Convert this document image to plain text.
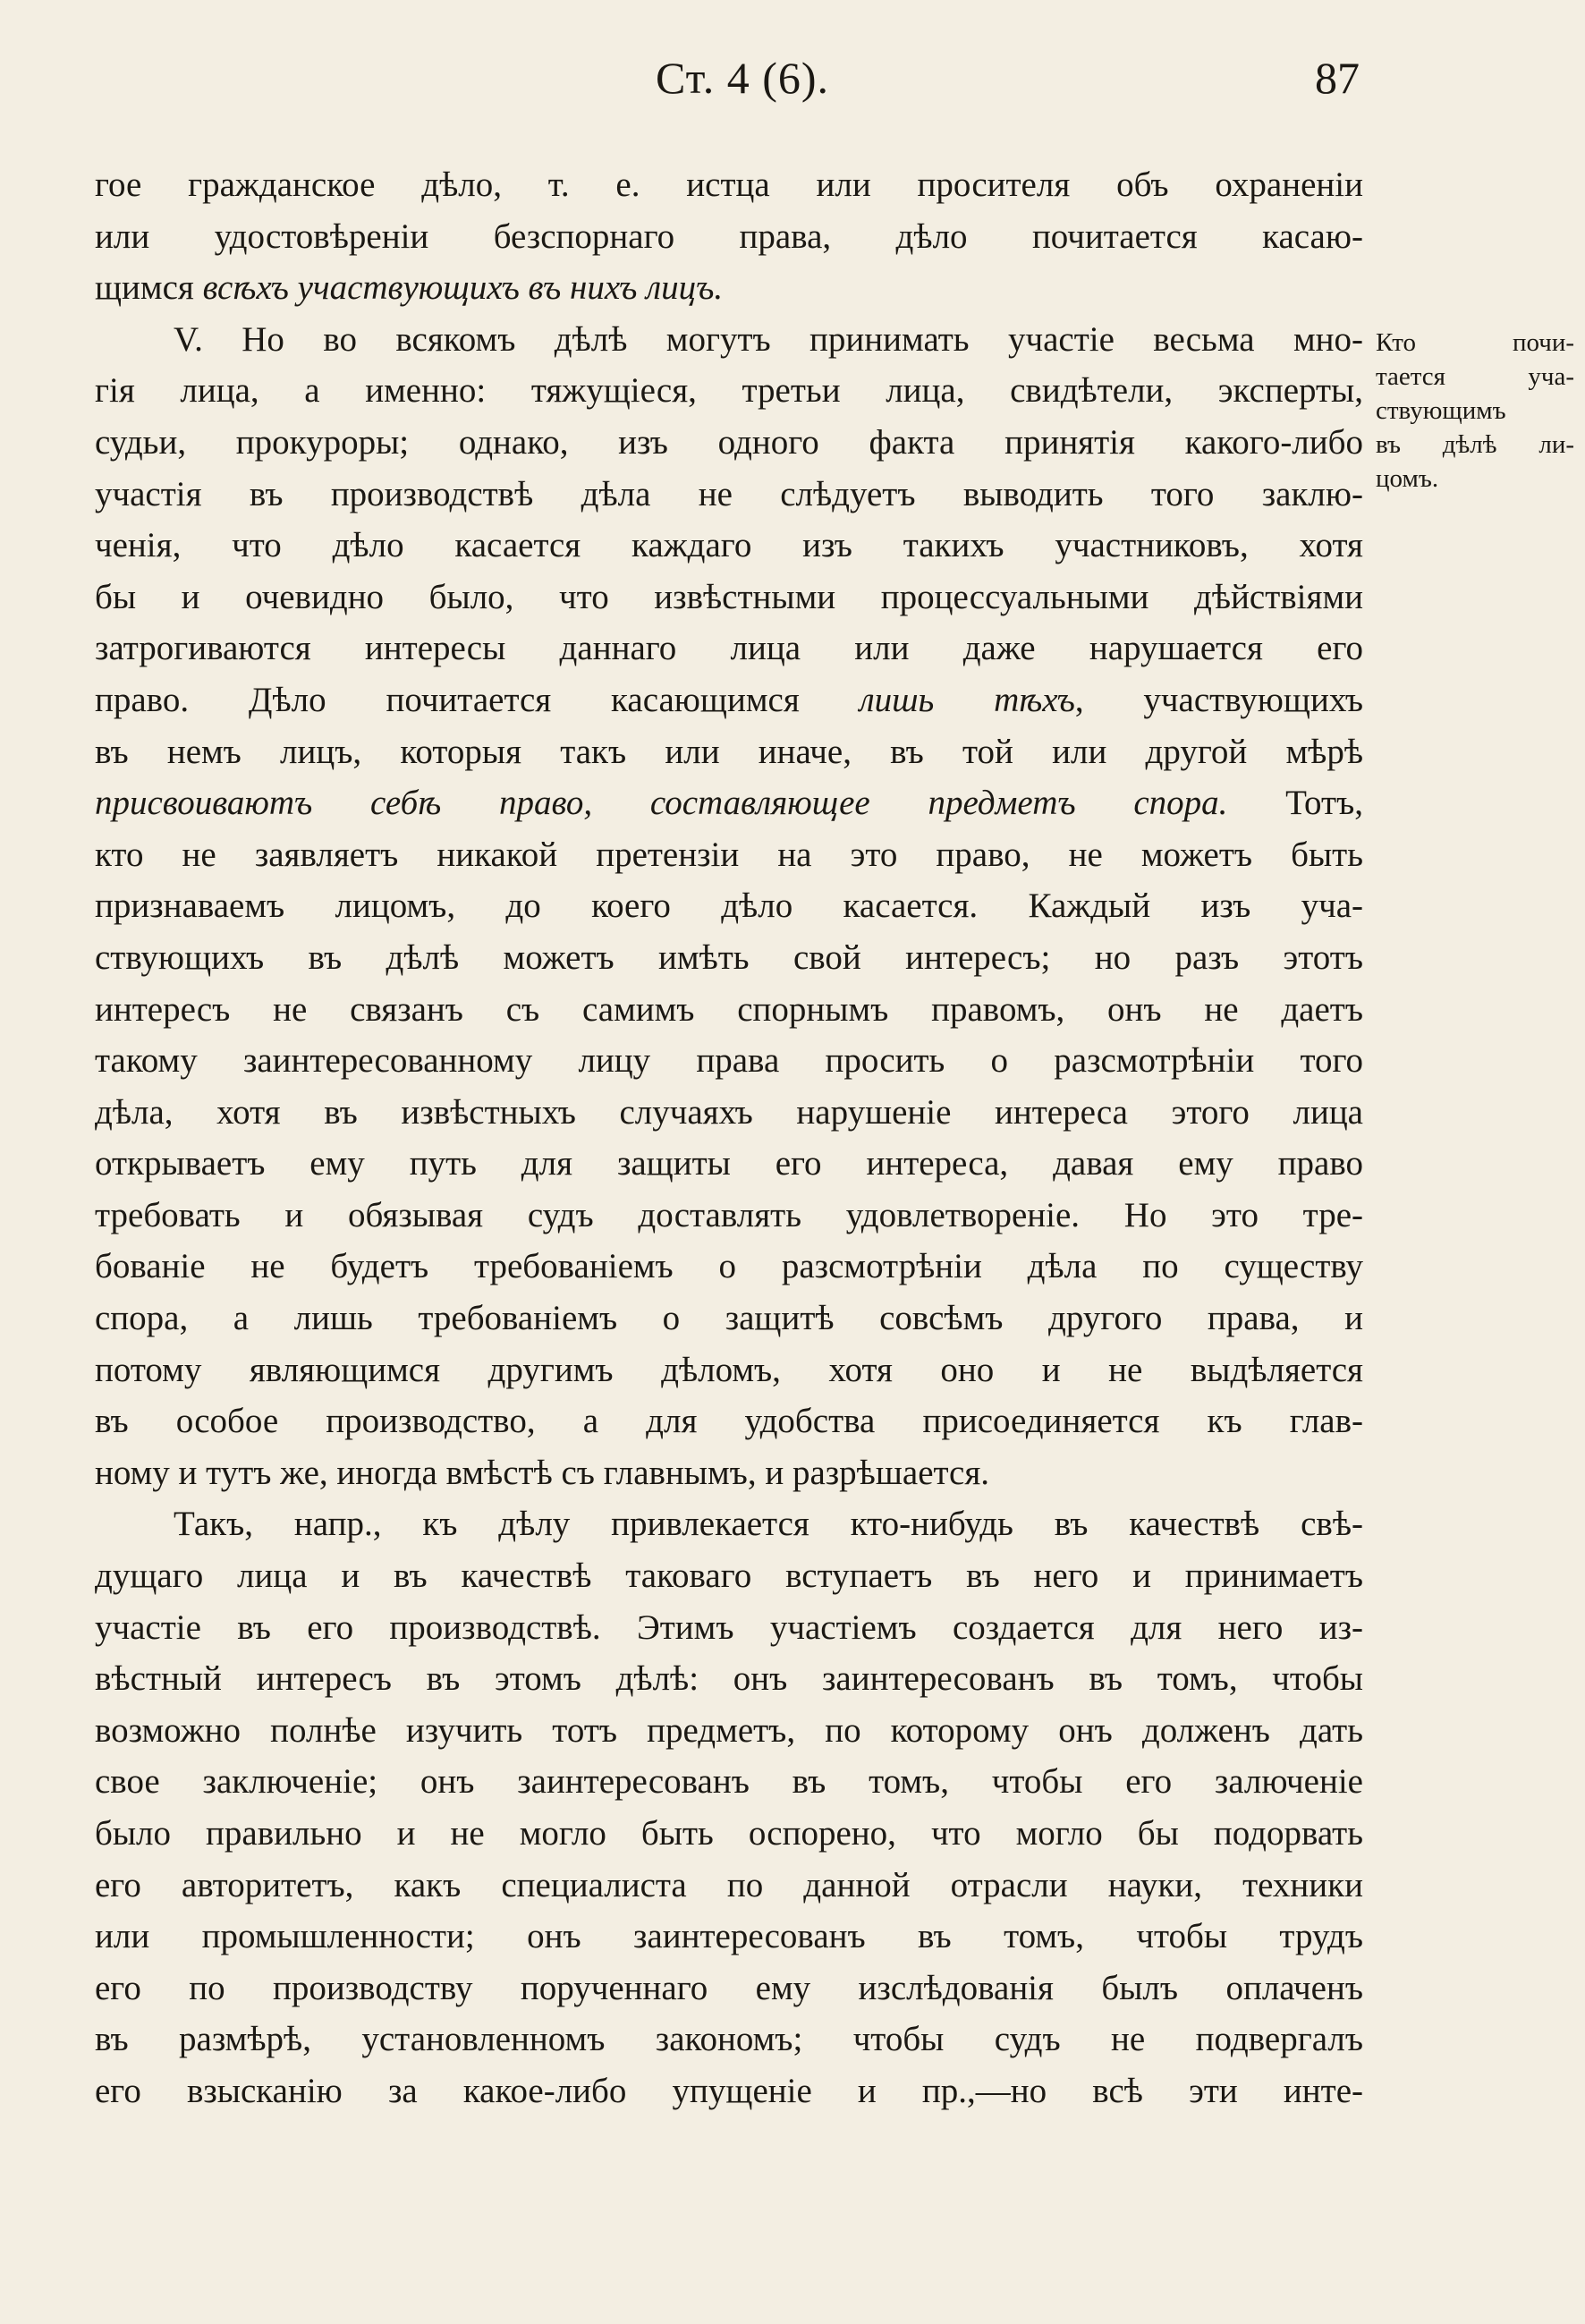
Ст. 4 (6).	87
гое гражданское дѣло, т. е. истца или просителя объ охраненіи
или удостовѣреніи безспорнаго права, дѣло почитается касаю-
щимся всѣхъ участвующихъ въ нихъ лицъ.
V. Но во всякомъ дѣлѣ могутъ принимать участіе весьма мно-
гія лица, а именно: тяжущіеся, третьи лица, свидѣтели, эксперты,
судьи, прокуроры; однако, изъ одного факта принятія какого-либо
участія въ производствѣ дѣла не слѣдуетъ выводить того заклю-
ченія, что дѣло касается каждаго изъ такихъ участниковъ, хотя
бы и очевидно было, что извѣстными процессуальными дѣйствіями
затрогиваются интересы даннаго лица или даже нарушается его
право. Дѣло почитается касающимся лишь тѣхъ, участвующихъ
въ немъ лицъ, которыя такъ или иначе, въ той или другой мѣрѣ
присвоиваютъ себѣ право, составляющее предметъ спора. Тотъ,
кто не заявляетъ никакой претензіи на это право, не можетъ быть
признаваемъ лицомъ, до коего дѣло касается. Каждый изъ уча-
ствующихъ въ дѣлѣ можетъ имѣть свой интересъ; но разъ этотъ
интересъ не связанъ съ самимъ спорнымъ правомъ, онъ не даетъ
такому заинтересованному лицу права просить о разсмотрѣніи того
дѣла, хотя въ извѣстныхъ случаяхъ нарушеніе интереса этого лица
открываетъ ему путь для защиты его интереса, давая ему право
требовать и обязывая судъ доставлять удовлетвореніе. Но это тре-
бованіе не будетъ требованіемъ о разсмотрѣніи дѣла по существу
спора, а лишь требованіемъ о защитѣ совсѣмъ другого права, и
потому являющимся другимъ дѣломъ, хотя оно и не выдѣляется
въ особое производство, а для удобства присоединяется къ глав-
ному и тутъ же, иногда вмѣстѣ съ главнымъ, и разрѣшается.
Такъ, напр., къ дѣлу привлекается кто-нибудь въ качествѣ свѣ-
дущаго лица и въ качествѣ таковаго вступаетъ въ него и принимаетъ
участіе въ его производствѣ. Этимъ участіемъ создается для него из-
вѣстный интересъ въ этомъ дѣлѣ: онъ заинтересованъ въ томъ, чтобы
возможно полнѣе изучить тотъ предметъ, по которому онъ долженъ дать
свое заключеніе; онъ заинтересованъ въ томъ, чтобы его залюченіе
было правильно и не могло быть оспорено, что могло бы подорвать
его авторитетъ, какъ специалиста по данной отрасли науки, техники
или промышленности; онъ заинтересованъ въ томъ, чтобы трудъ
его по производству порученнаго ему изслѣдованія былъ оплаченъ
въ размѣрѣ, установленномъ закономъ; чтобы судъ не подвергалъ
его взысканію за какое-либо упущеніе и пр.,—но всѣ эти инте-
Кто почи-
тается уча-
ствующимъ
въ дѣлѣ ли-
цомъ.
